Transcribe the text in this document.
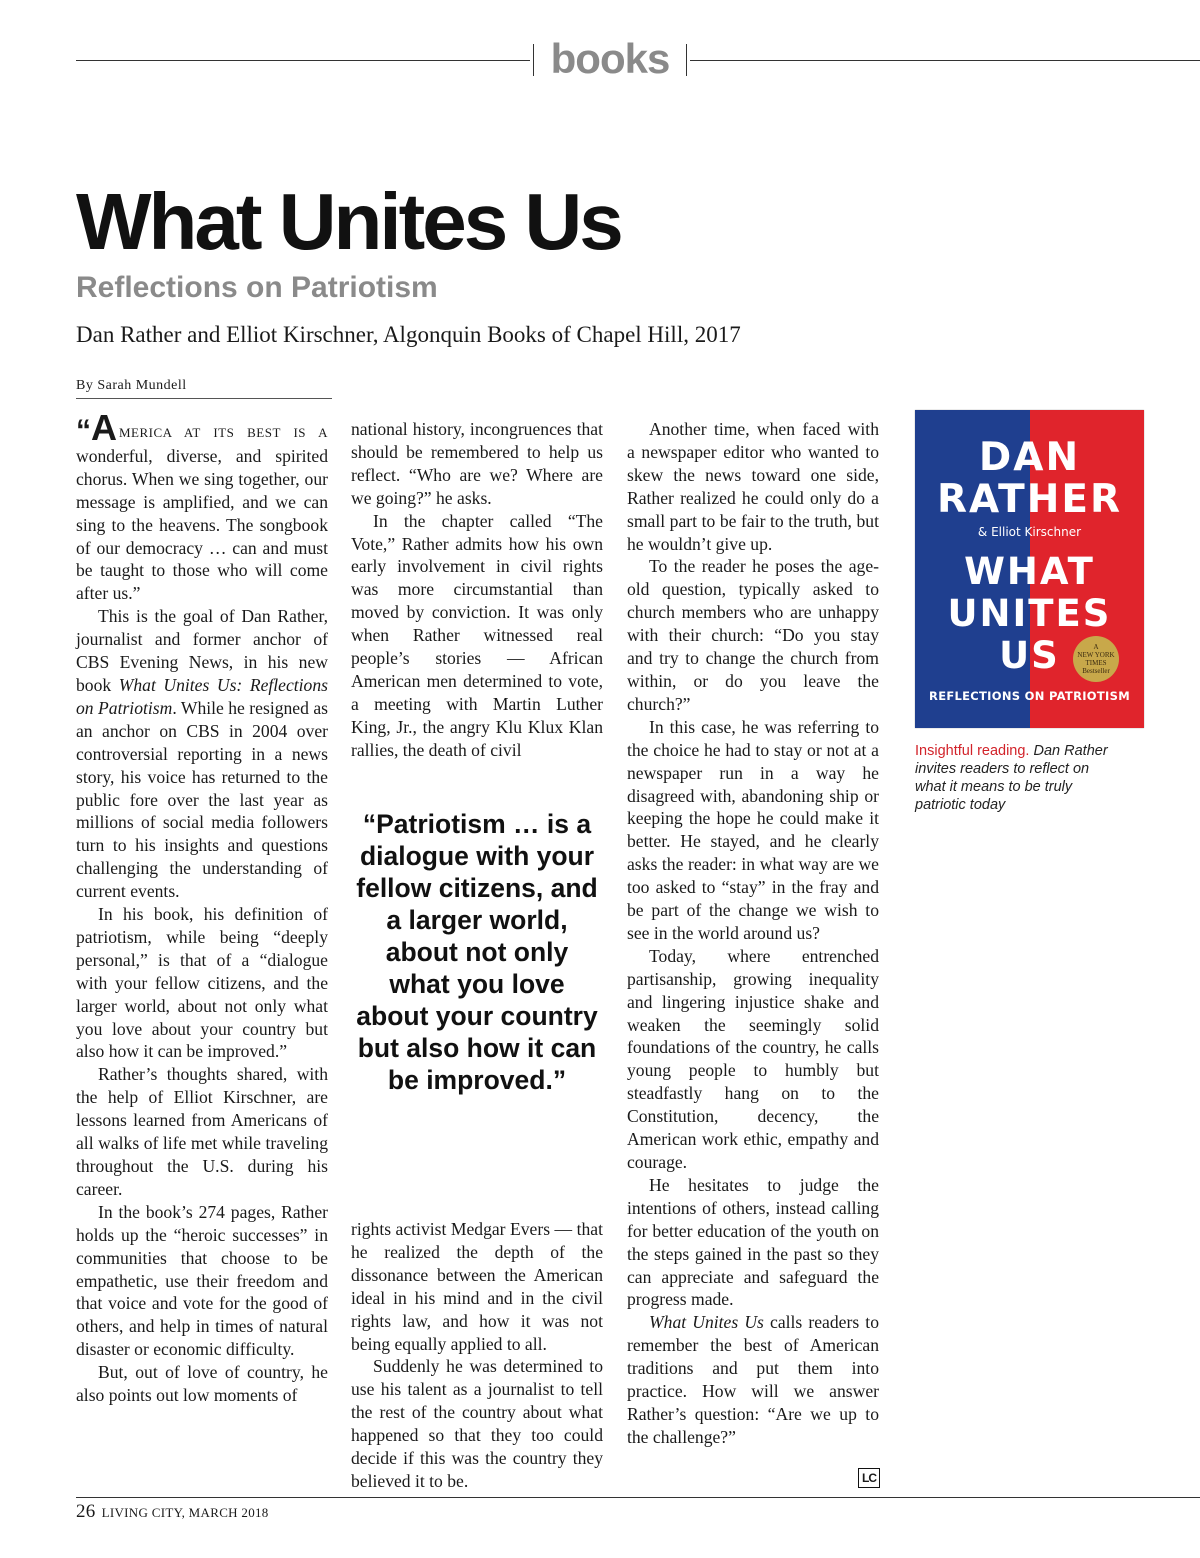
books
What Unites Us
Reflections on Patriotism
Dan Rather and Elliot Kirschner, Algonquin Books of Chapel Hill, 2017
By Sarah Mundell

“A MERICA AT ITS BEST IS A wonderful, diverse, and spirited chorus. When we sing together, our message is amplified, and we can sing to the heavens. The songbook of our democracy … can and must be taught to those who will come after us.”

This is the goal of Dan Rather, journalist and former anchor of CBS Evening News, in his new book What Unites Us: Reflections on Patriotism. While he resigned as an anchor on CBS in 2004 over controversial reporting in a news story, his voice has returned to the public fore over the last year as millions of social media followers turn to his insights and questions challenging the understanding of current events.

In his book, his definition of patriotism, while being “deeply personal,” is that of a “dialogue with your fellow citizens, and the larger world, about not only what you love about your country but also how it can be improved.”

Rather’s thoughts shared, with the help of Elliot Kirschner, are lessons learned from Americans of all walks of life met while traveling throughout the U.S. during his career.

In the book’s 274 pages, Rather holds up the “heroic successes” in communities that choose to be empathetic, use their freedom and that voice and vote for the good of others, and help in times of natural disaster or economic difficulty.

But, out of love of country, he also points out low moments of

national history, incongruences that should be remembered to help us reflect. “Who are we? Where are we going?” he asks.

In the chapter called “The Vote,” Rather admits how his own early involvement in civil rights was more circumstantial than moved by conviction. It was only when Rather witnessed real people’s stories — African American men determined to vote, a meeting with Martin Luther King, Jr., the angry Klu Klux Klan rallies, the death of civil

“Patriotism … is a dialogue with your fellow citizens, and a larger world, about not only what you love about your country but also how it can be improved.”

rights activist Medgar Evers — that he realized the depth of the dissonance between the American ideal in his mind and in the civil rights law, and how it was not being equally applied to all.

Suddenly he was determined to use his talent as a journalist to tell the rest of the country about what happened so that they too could decide if this was the country they believed it to be.

Another time, when faced with a newspaper editor who wanted to skew the news toward one side, Rather realized he could only do a small part to be fair to the truth, but he wouldn’t give up.

To the reader he poses the age-old question, typically asked to church members who are unhappy with their church: “Do you stay and try to change the church from within, or do you leave the church?”

In this case, he was referring to the choice he had to stay or not at a newspaper run in a way he disagreed with, abandoning ship or keeping the hope he could make it better. He stayed, and he clearly asks the reader: in what way are we too asked to “stay” in the fray and be part of the change we wish to see in the world around us?

Today, where entrenched partisanship, growing inequality and lingering injustice shake and weaken the seemingly solid foundations of the country, he calls young people to humbly but steadfastly hang on to the Constitution, decency, the American work ethic, empathy and courage.

He hesitates to judge the intentions of others, instead calling for better education of the youth on the steps gained in the past so they can appreciate and safeguard the progress made.

What Unites Us calls readers to remember the best of American traditions and put them into practice. How will we answer Rather’s question: “Are we up to the challenge?”

LC
DAN
RATHER
& Elliot Kirschner
WHAT
UNITES
US	A
NEW YORK
TIMES
Bestseller
REFLECTIONS ON PATRIOTISM
Insightful reading. Dan Rather invites readers to reflect on what it means to be truly patriotic today
26 LIVING CITY, MARCH 2018
